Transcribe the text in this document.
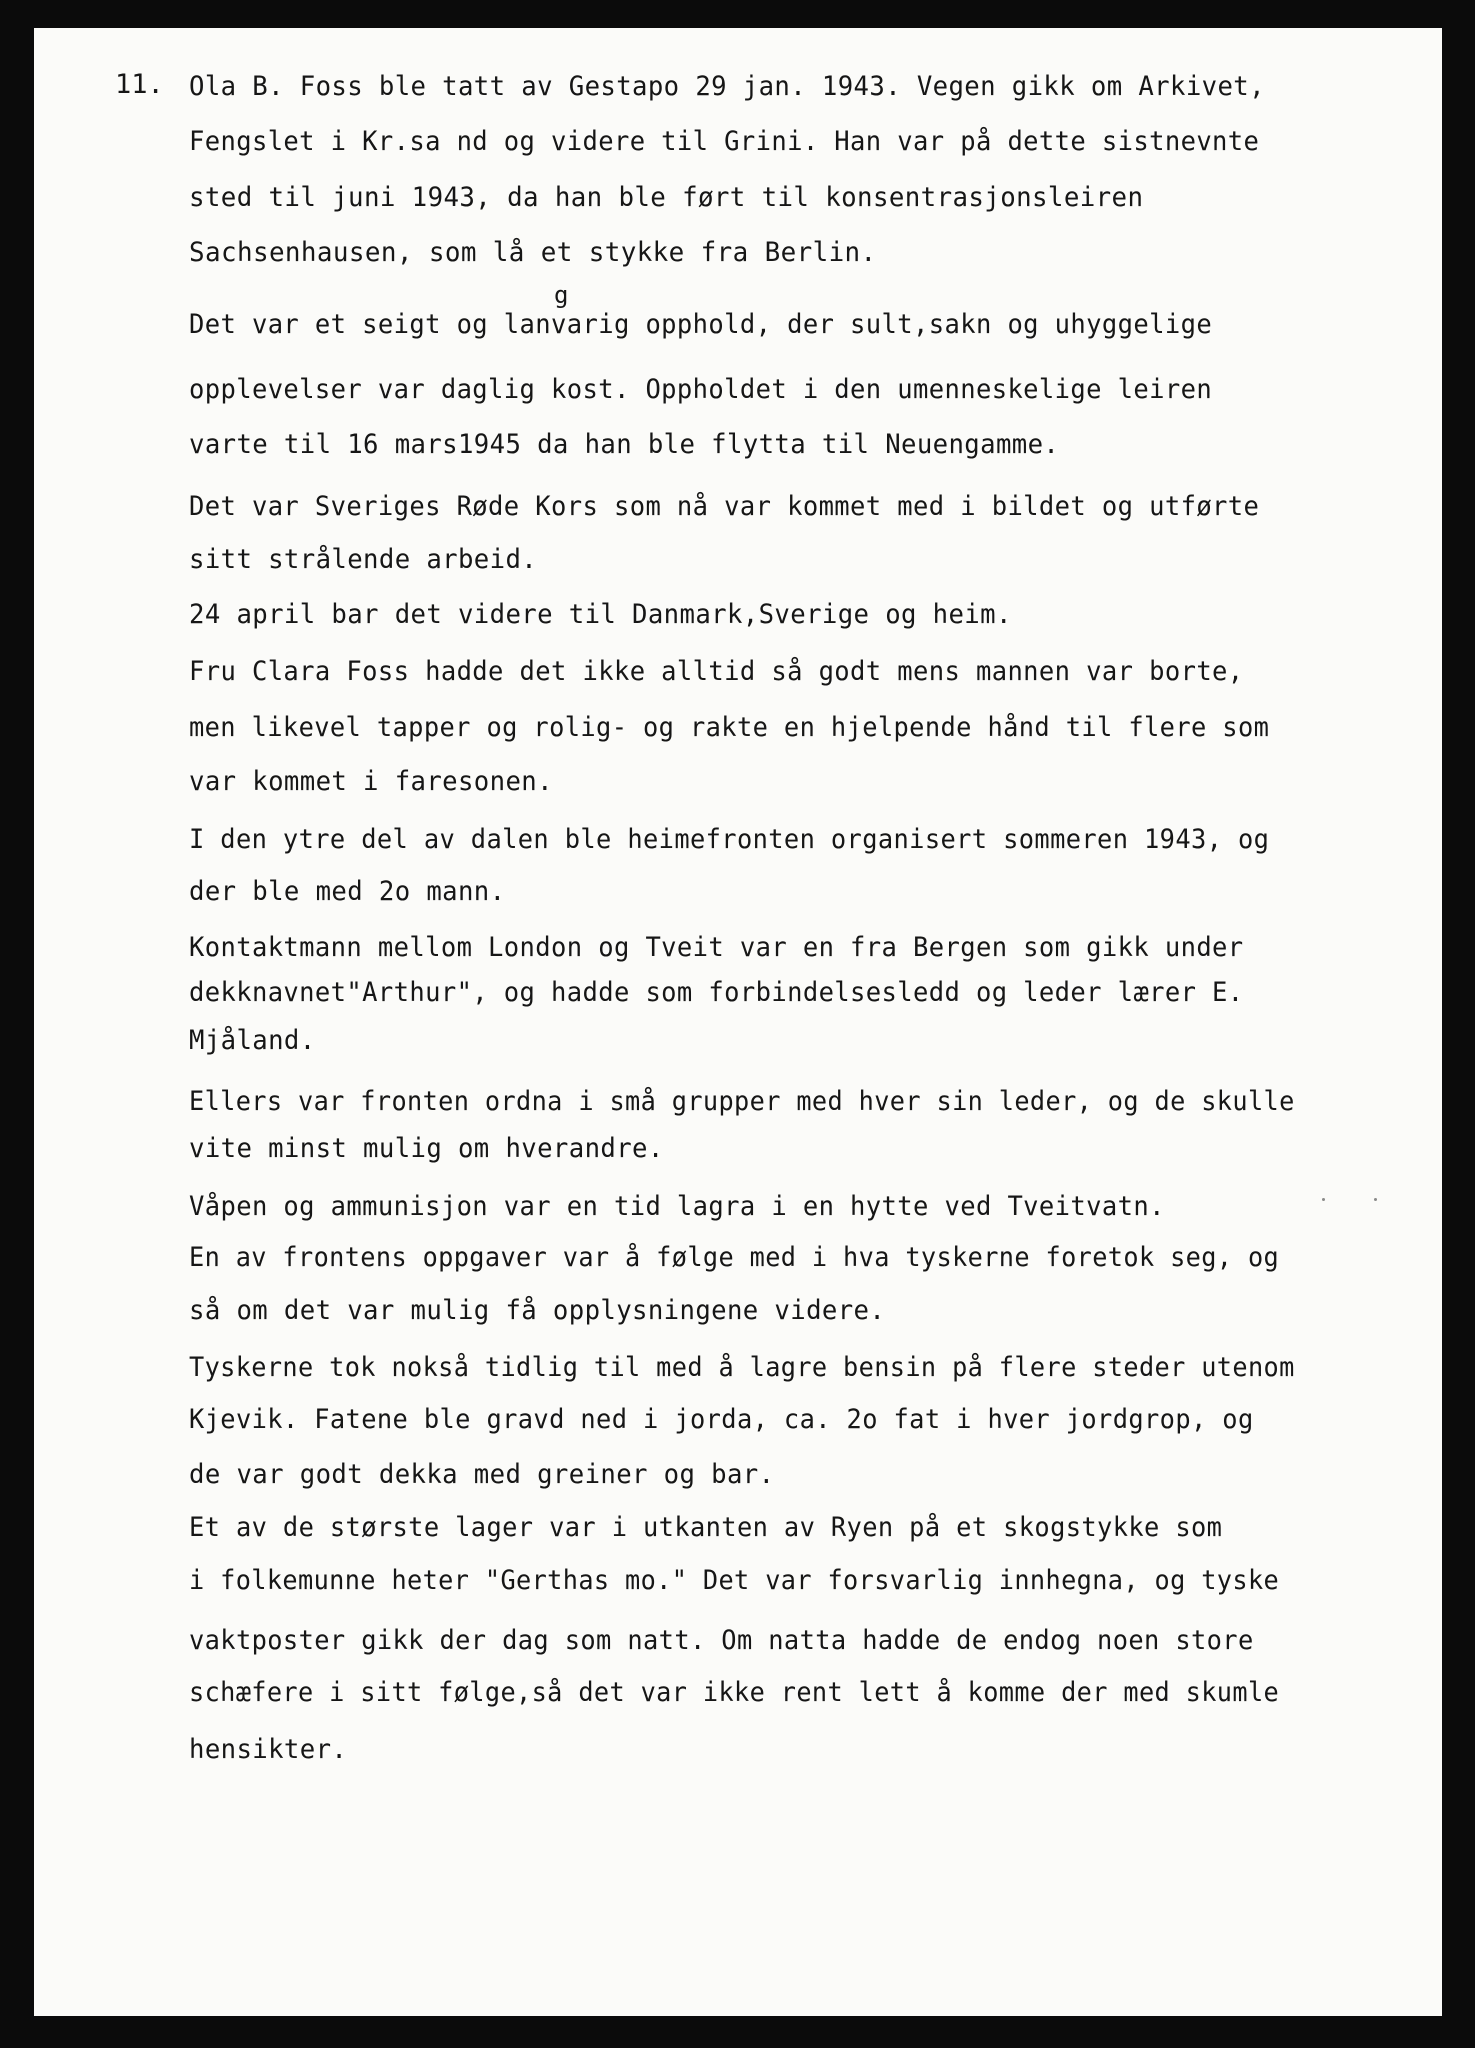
11. Ola B. Foss ble tatt av Gestapo 29 jan. 1943. Vegen gikk om Arkivet,

Fengslet i Kr.sa nd og videre til Grini. Han var på dette sistnevnte

sted til juni 1943, da han ble ført til konsentrasjonsleiren

Sachsenhausen, som lå et stykke fra Berlin.

g

Det var et seigt og lanvarig opphold, der sult,sakn og uhyggelige

opplevelser var daglig kost. Oppholdet i den umenneskelige leiren

varte til 16 mars1945 da han ble flytta til Neuengamme.

Det var Sveriges Røde Kors som nå var kommet med i bildet og utførte

sitt strålende arbeid.

24 april bar det videre til Danmark,Sverige og heim.

Fru Clara Foss hadde det ikke alltid så godt mens mannen var borte,

men likevel tapper og rolig- og rakte en hjelpende hånd til flere som

var kommet i faresonen.

I den ytre del av dalen ble heimefronten organisert sommeren 1943, og

der ble med 2o mann.

Kontaktmann mellom London og Tveit var en fra Bergen som gikk under

dekknavnet"Arthur", og hadde som forbindelsesledd og leder lærer E.

Mjåland.

Ellers var fronten ordna i små grupper med hver sin leder, og de skulle

vite minst mulig om hverandre.

Våpen og ammunisjon var en tid lagra i en hytte ved Tveitvatn.

En av frontens oppgaver var å følge med i hva tyskerne foretok seg, og

så om det var mulig få opplysningene videre.

Tyskerne tok nokså tidlig til med å lagre bensin på flere steder utenom

Kjevik. Fatene ble gravd ned i jorda, ca. 2o fat i hver jordgrop, og

de var godt dekka med greiner og bar.

Et av de største lager var i utkanten av Ryen på et skogstykke som

i folkemunne heter "Gerthas mo." Det var forsvarlig innhegna, og tyske

vaktposter gikk der dag som natt. Om natta hadde de endog noen store

schæfere i sitt følge,så det var ikke rent lett å komme der med skumle

hensikter.
